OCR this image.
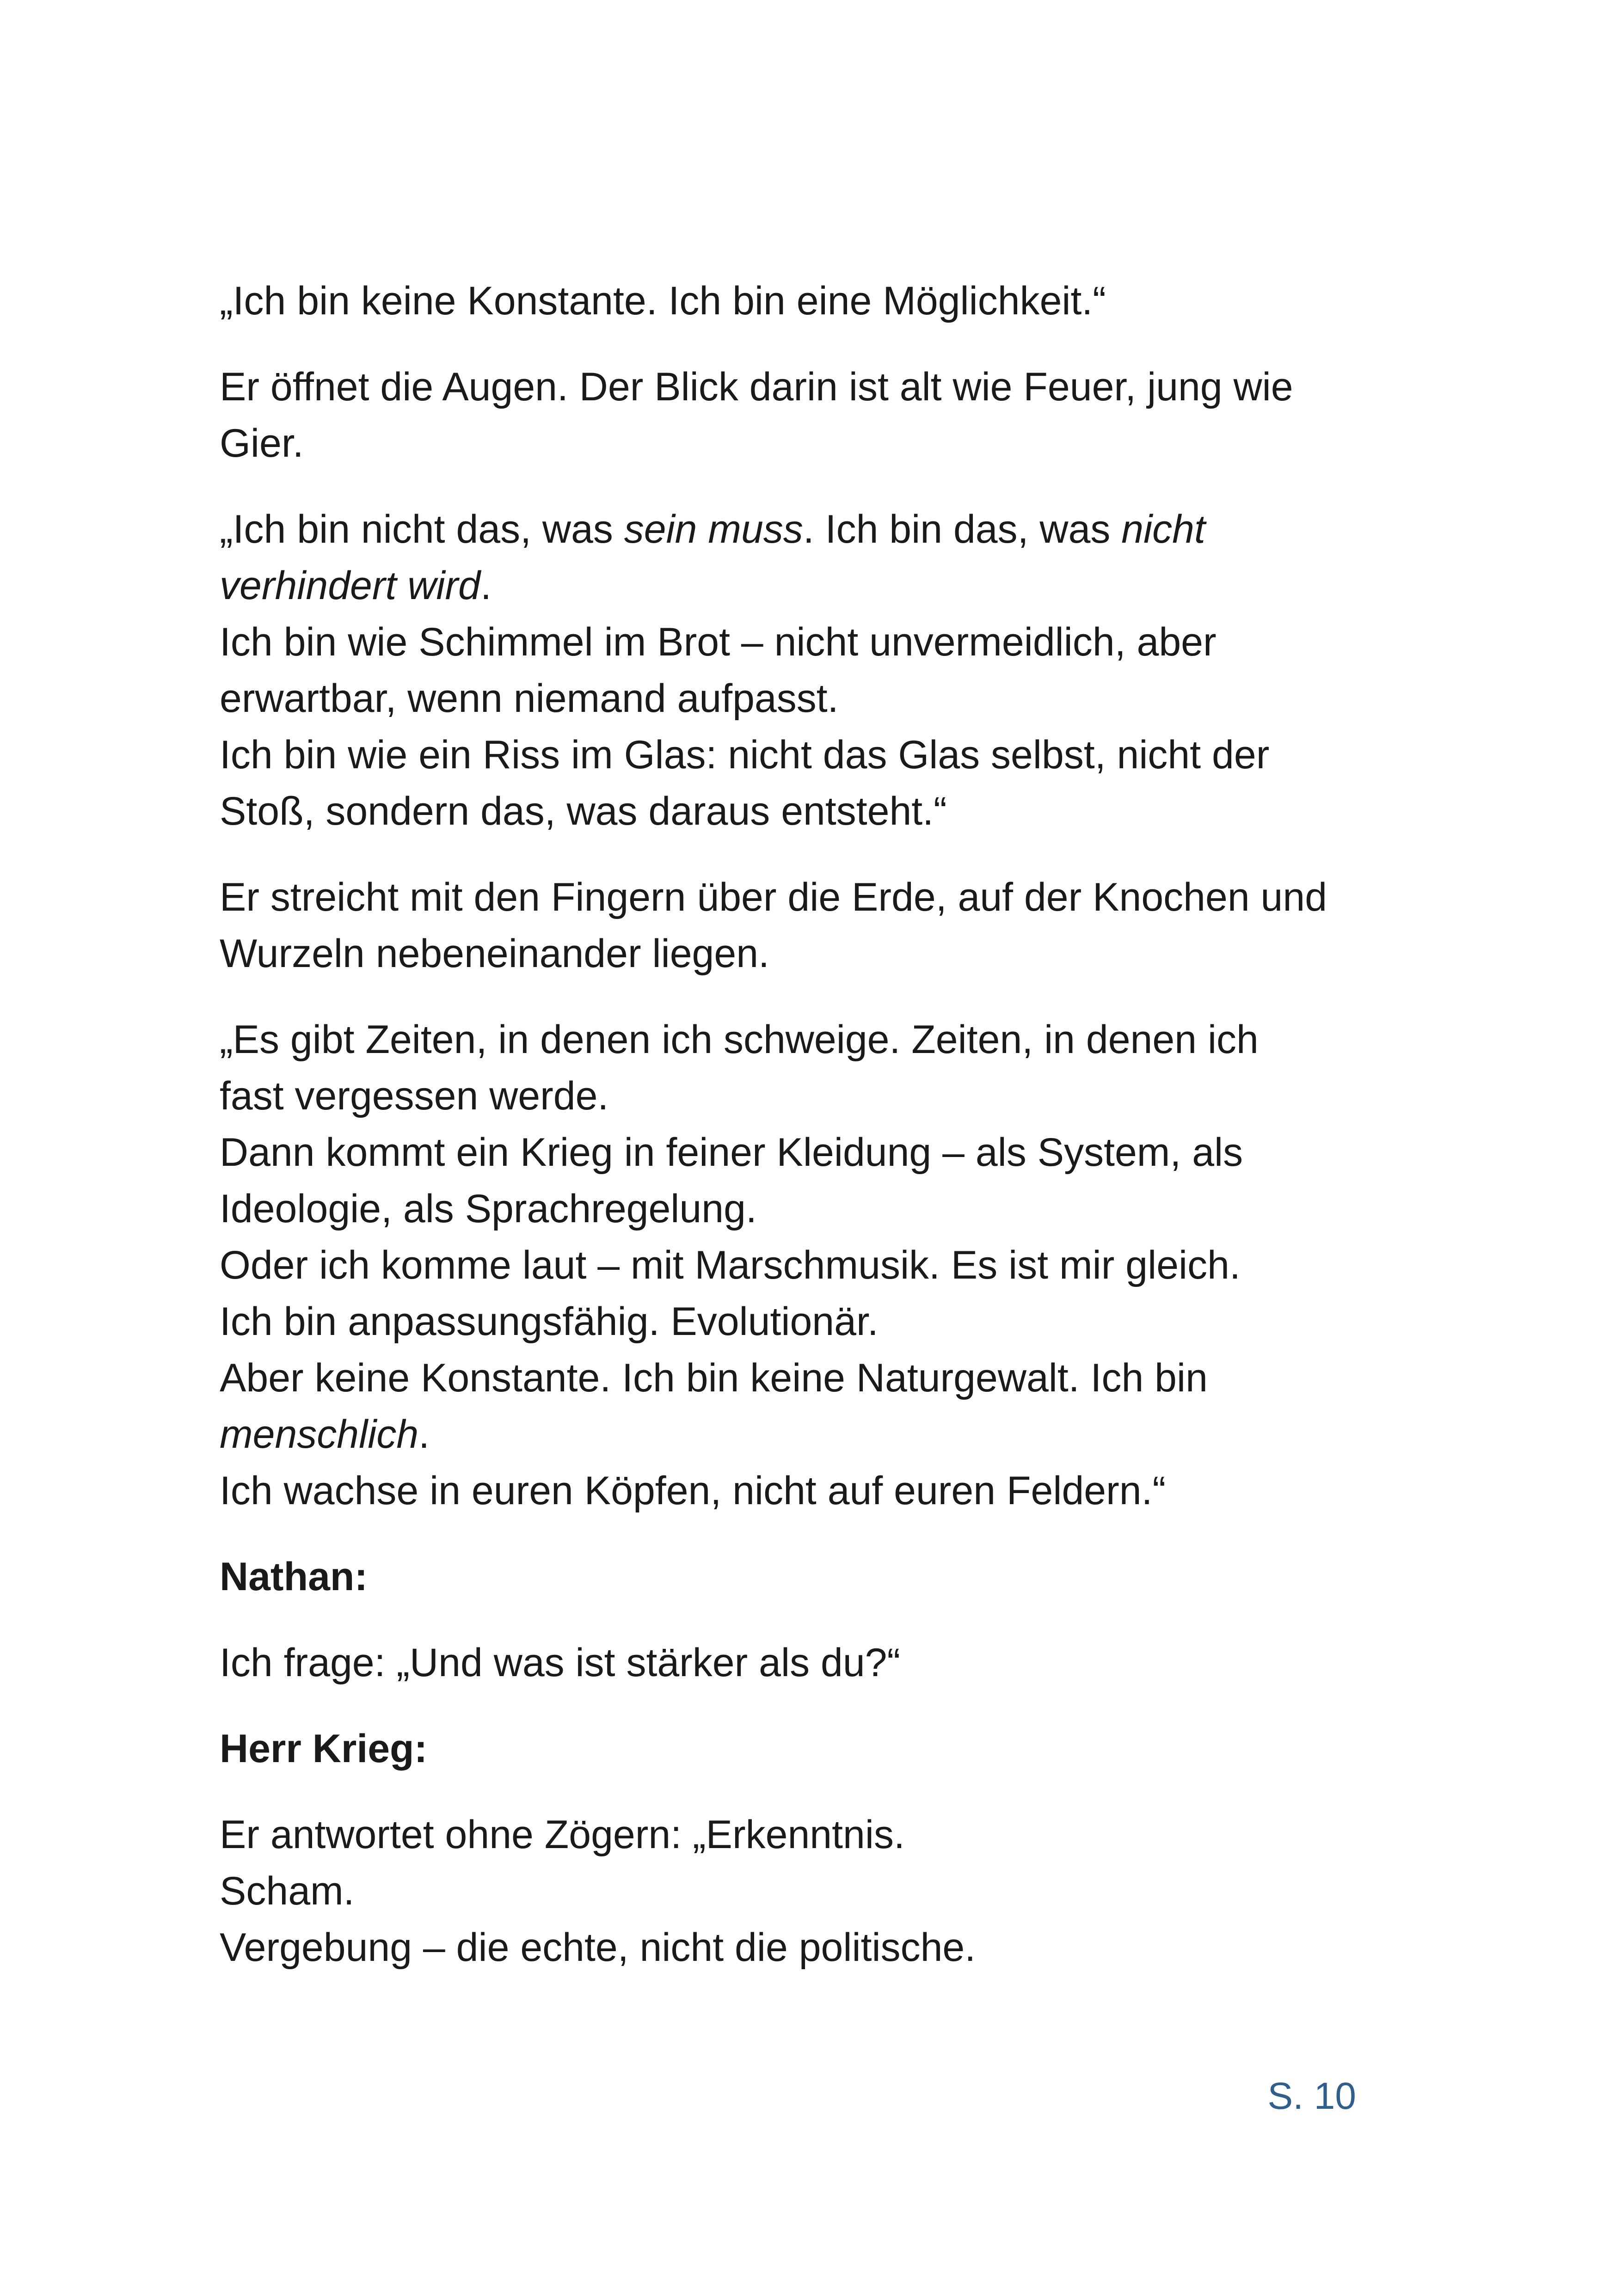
„Ich bin keine Konstante. Ich bin eine Möglichkeit.“

Er öffnet die Augen. Der Blick darin ist alt wie Feuer, jung wie
Gier.

„Ich bin nicht das, was sein muss. Ich bin das, was nicht
verhindert wird.
Ich bin wie Schimmel im Brot – nicht unvermeidlich, aber
erwartbar, wenn niemand aufpasst.
Ich bin wie ein Riss im Glas: nicht das Glas selbst, nicht der
Stoß, sondern das, was daraus entsteht.“

Er streicht mit den Fingern über die Erde, auf der Knochen und
Wurzeln nebeneinander liegen.

„Es gibt Zeiten, in denen ich schweige. Zeiten, in denen ich
fast vergessen werde.
Dann kommt ein Krieg in feiner Kleidung – als System, als
Ideologie, als Sprachregelung.
Oder ich komme laut – mit Marschmusik. Es ist mir gleich.
Ich bin anpassungsfähig. Evolutionär.
Aber keine Konstante. Ich bin keine Naturgewalt. Ich bin
menschlich.
Ich wachse in euren Köpfen, nicht auf euren Feldern.“

Nathan:

Ich frage: „Und was ist stärker als du?“

Herr Krieg:

Er antwortet ohne Zögern: „Erkenntnis.
Scham.
Vergebung – die echte, nicht die politische.

S. 10
